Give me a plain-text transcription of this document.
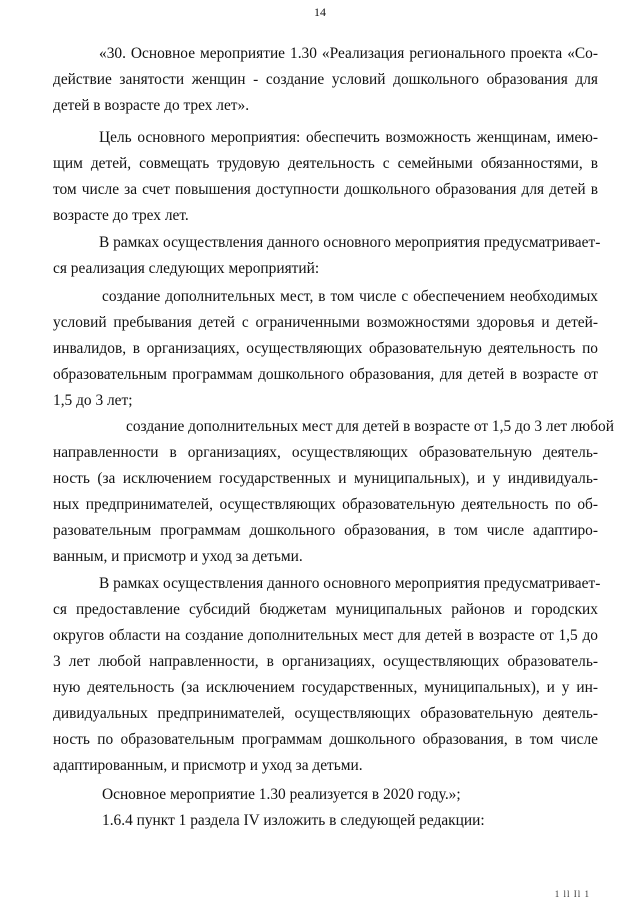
14
«30. Основное мероприятие 1.30 «Реализация регионального проекта «Со-
действие занятости женщин - создание условий дошкольного образования для
детей в возрасте до трех лет».
Цель основного мероприятия: обеспечить возможность женщинам, имею-
щим детей, совмещать трудовую деятельность с семейными обязанностями, в
том числе за счет повышения доступности дошкольного образования для детей в
возрасте до трех лет.
В рамках осуществления данного основного мероприятия предусматривает-
ся реализация следующих мероприятий:
создание дополнительных мест, в том числе с обеспечением необходимых
условий пребывания детей с ограниченными возможностями здоровья и детей-
инвалидов, в организациях, осуществляющих образовательную деятельность по
образовательным программам дошкольного образования, для детей в возрасте от
1,5 до 3 лет;
создание дополнительных мест для детей в возрасте от 1,5 до 3 лет любой
направленности в организациях, осуществляющих образовательную деятель-
ность (за исключением государственных и муниципальных), и у индивидуаль-
ных предпринимателей, осуществляющих образовательную деятельность по об-
разовательным программам дошкольного образования, в том числе адаптиро-
ванным, и присмотр и уход за детьми.
В рамках осуществления данного основного мероприятия предусматривает-
ся предоставление субсидий бюджетам муниципальных районов и городских
округов области на создание дополнительных мест для детей в возрасте от 1,5 до
3 лет любой направленности, в организациях, осуществляющих образователь-
ную деятельность (за исключением государственных, муниципальных), и у ин-
дивидуальных предпринимателей, осуществляющих образовательную деятель-
ность по образовательным программам дошкольного образования, в том числе
адаптированным, и присмотр и уход за детьми.
Основное мероприятие 1.30 реализуется в 2020 году.»;
1.6.4 пункт 1 раздела IV изложить в следующей редакции:
1 ll Il 1
